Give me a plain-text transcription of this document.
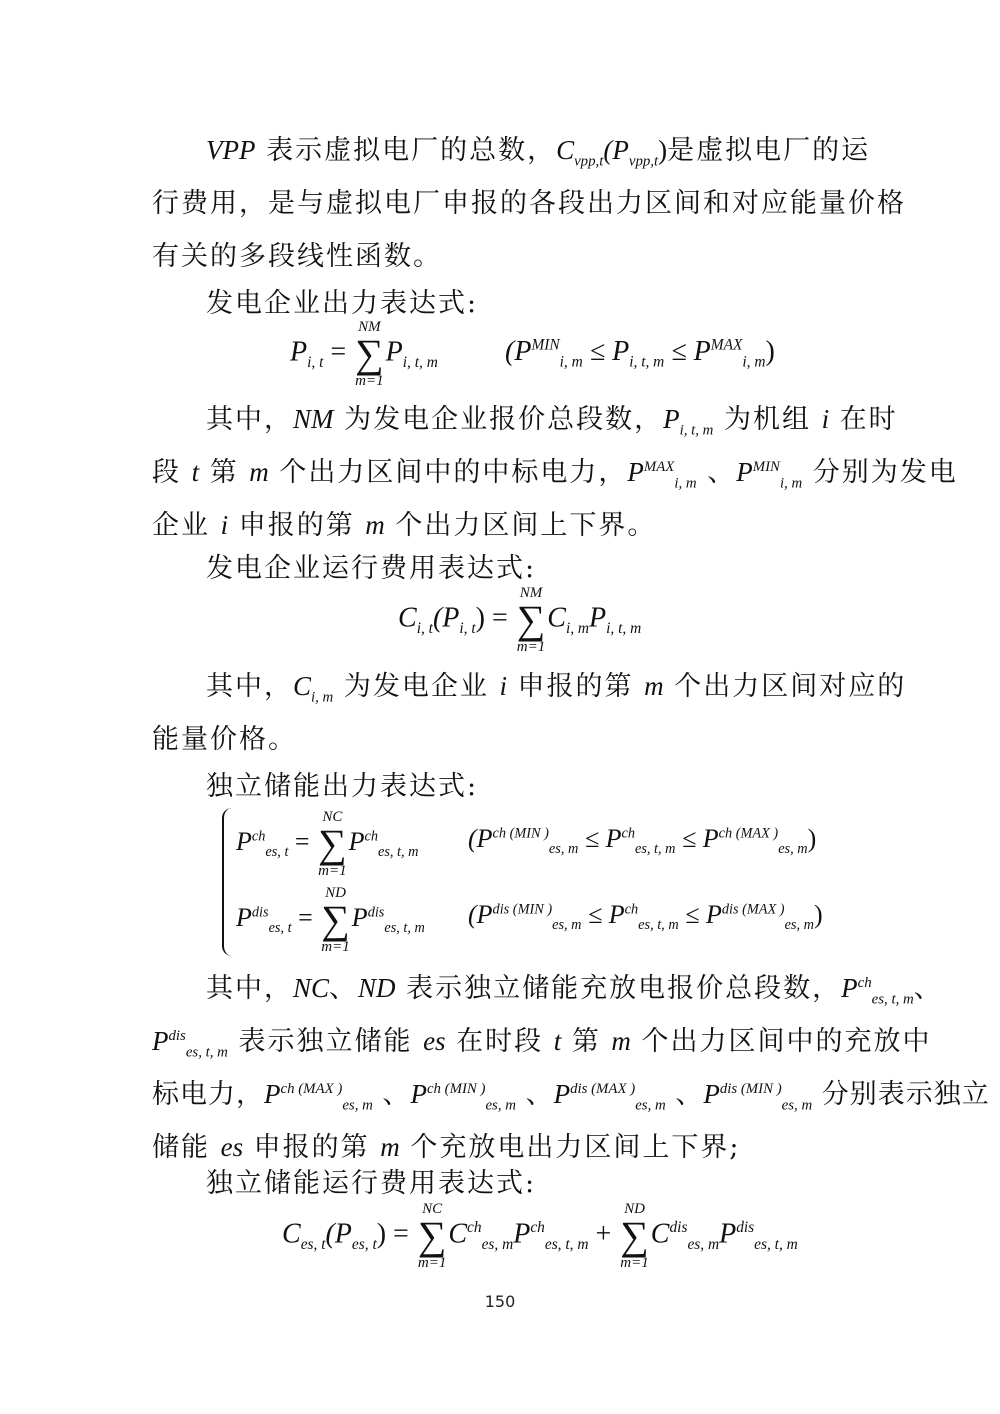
VPP 表示虚拟电厂的总数，$C_{vpp,t}(P_{vpp,t})$是虚拟电厂的运
行费用，是与虚拟电厂申报的各段出力区间和对应能量价格
有关的多段线性函数。
发电企业出力表达式:
$P_{i, t}$ =
NM
∑
m=1
$P_{i, t, m}$ $(P^{MIN}_{i, m} \le P_{i, t, m} \le P^{MAX}_{i, m})$
其中，NM 为发电企业报价总段数，$P_{i, t, m}$ 为机组 i 在时
段 t 第 m 个出力区间中的中标电力，$P^{MAX}_{i, m}$ 、$P^{MIN}_{i, m}$ 分别为发电
企业 i 申报的第 m 个出力区间上下界。
发电企业运行费用表达式:
$C_{i, t}(P_{i, t})$ =
NM
∑
m=1
$C_{i, m}P_{i, t, m}$
其中，$C_{i, m}$ 为发电企业 i 申报的第 m 个出力区间对应的
能量价格。
独立储能出力表达式:
$P^{ch}_{es, t}$ =
NC
∑
m=1
$P^{ch}_{es, t, m}$ $(P^{ch (MIN )}_{es, m} \le P^{ch}_{es, t, m} \le P^{ch (MAX )}_{es, m})$
$P^{dis}_{es, t}$ =
ND
∑
m=1
$P^{dis}_{es, t, m}$ $(P^{dis (MIN )}_{es, m} \le P^{ch}_{es, t, m} \le P^{dis (MAX )}_{es, m})$
其中，NC、ND 表示独立储能充放电报价总段数，$P^{ch}_{es, t, m}$、
$P^{dis}_{es, t, m}$ 表示独立储能 es 在时段 t 第 m 个出力区间中的充放中
标电力，$P^{ch (MAX )}_{es, m}$ 、$P^{ch (MIN )}_{es, m}$ 、$P^{dis (MAX )}_{es, m}$ 、$P^{dis (MIN )}_{es, m}$ 分别表示独立
储能 es 申报的第 m 个充放电出力区间上下界;
独立储能运行费用表达式:
$C_{es, t}(P_{es, t})$ =
NC
∑
m=1
$C^{ch}_{es, m}P^{ch}_{es, t, m}$ +
ND
∑
m=1
$C^{dis}_{es, m}P^{dis}_{es, t, m}$
150
